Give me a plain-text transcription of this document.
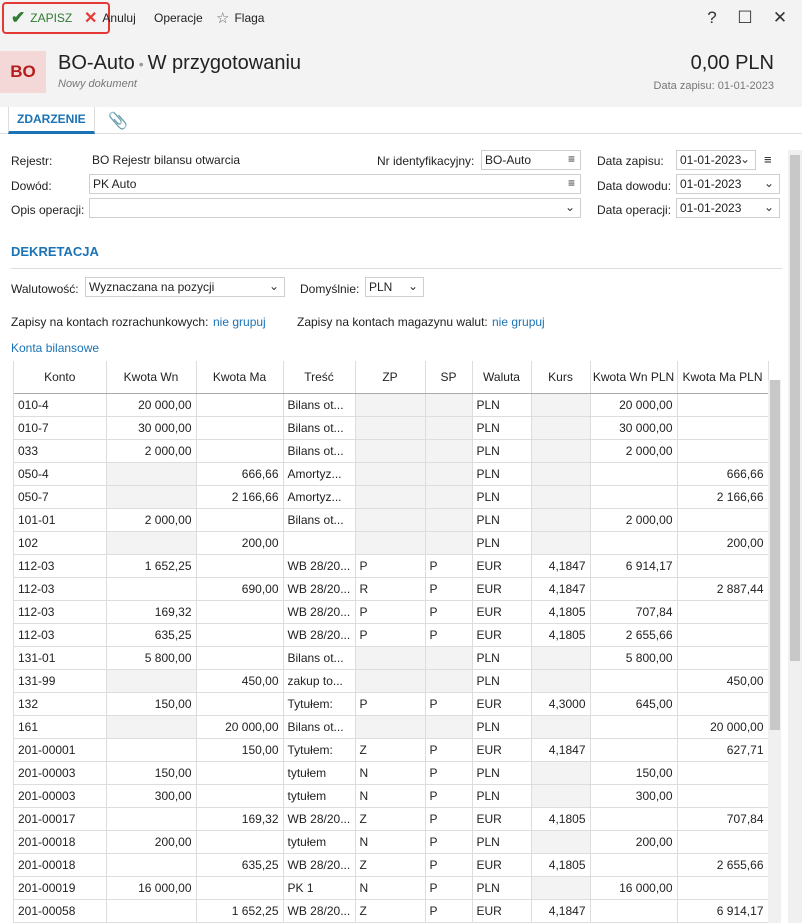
✔ ZAPISZ ✕ Anuluj Operacje ☆ Flaga	?	☐ ✕
BO	BO-Auto • W przygotowaniu
Nowy dokument
0,00 PLN
Data zapisu: 01-01-2023
ZDARZENIE	📎
Rejestr:	BO Rejestr bilansu otwarcia	Nr identyfikacyjny: BO-Auto	≡ Data zapisu: 01-01-2023
⌄ ≡
Dowód:	PK Auto	≡ Data dowodu: 01-01-2023 ⌄
Opis operacji:	⌄ Data operacji: 01-01-2023 ⌄
DEKRETACJA
Walutowość: Wyznaczana na pozycji	⌄ Domyślnie: PLN ⌄
Zapisy na kontach rozrachunkowych: nie grupuj	Zapisy na kontach magazynu walut: nie grupuj
Konta bilansowe
Konto	Kwota Wn	Kwota Ma	Treść	ZP	SP	Waluta	Kurs	Kwota Wn PLN	Kwota Ma PLN
010-4	20 000,00		Bilans ot...			PLN		20 000,00	
010-7	30 000,00		Bilans ot...			PLN		30 000,00	
033	2 000,00		Bilans ot...			PLN		2 000,00	
050-4		666,66	Amortyz...			PLN			666,66
050-7		2 166,66	Amortyz...			PLN			2 166,66
101-01	2 000,00		Bilans ot...			PLN		2 000,00	
102		200,00				PLN			200,00
112-03	1 652,25		WB 28/20...	P	P	EUR	4,1847	6 914,17	
112-03		690,00	WB 28/20...	R	P	EUR	4,1847		2 887,44
112-03	169,32		WB 28/20...	P	P	EUR	4,1805	707,84	
112-03	635,25		WB 28/20...	P	P	EUR	4,1805	2 655,66	
131-01	5 800,00		Bilans ot...			PLN		5 800,00	
131-99		450,00	zakup to...			PLN			450,00
132	150,00		Tytułem:	P	P	EUR	4,3000	645,00	
161		20 000,00	Bilans ot...			PLN			20 000,00
201-00001		150,00	Tytułem:	Z	P	EUR	4,1847		627,71
201-00003	150,00		tytułem	N	P	PLN		150,00	
201-00003	300,00		tytułem	N	P	PLN		300,00	
201-00017		169,32	WB 28/20...	Z	P	EUR	4,1805		707,84
201-00018	200,00		tytułem	N	P	PLN		200,00	
201-00018		635,25	WB 28/20...	Z	P	EUR	4,1805		2 655,66
201-00019	16 000,00		PK 1	N	P	PLN		16 000,00	
201-00058		1 652,25	WB 28/20...	Z	P	EUR	4,1847		6 914,17
